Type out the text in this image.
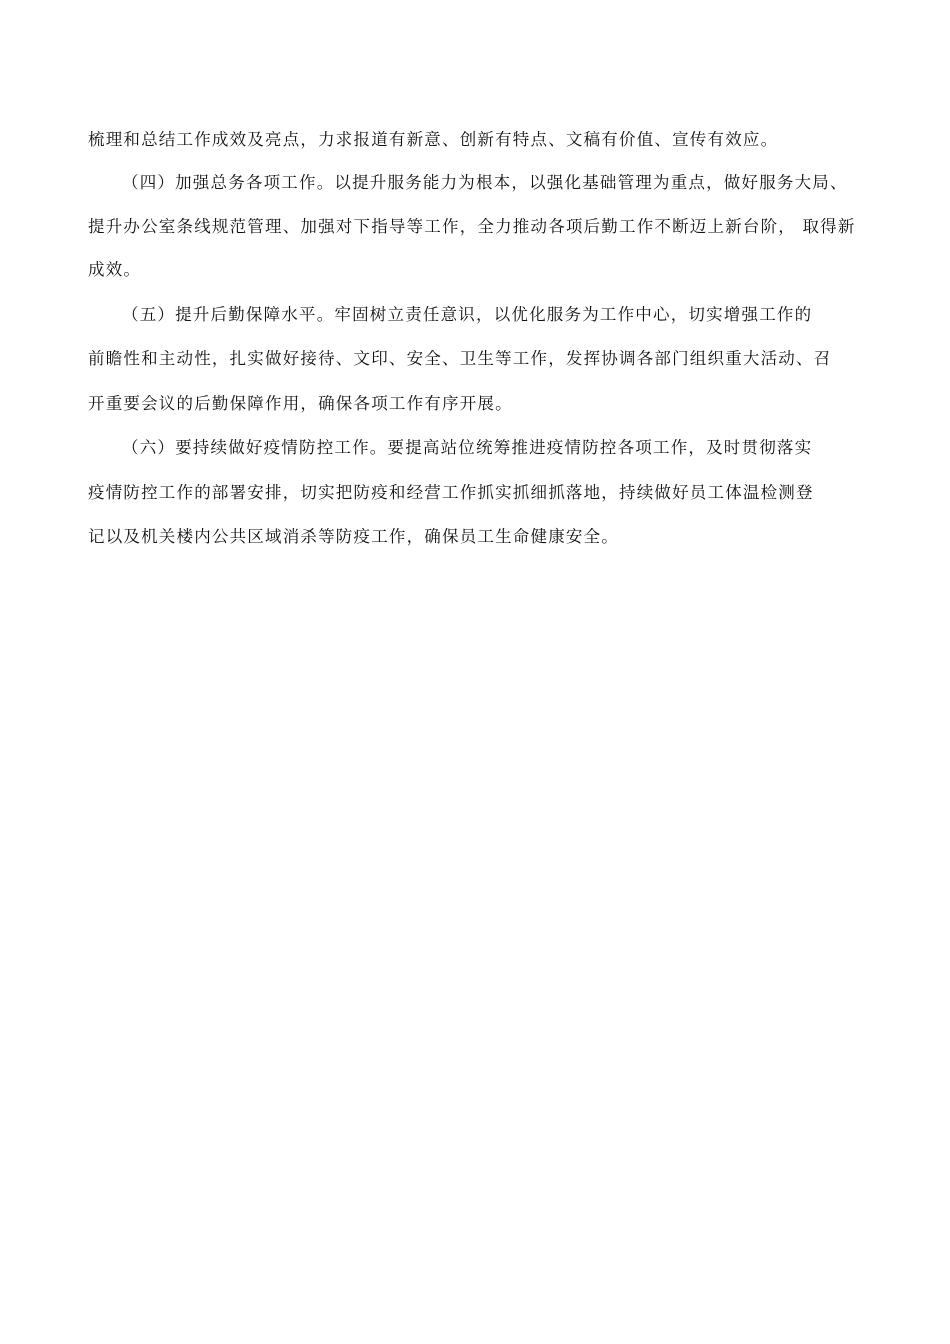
梳理和总结工作成效及亮点，力求报道有新意、创新有特点、文稿有价值、宣传有效应。
（四）加强总务各项工作。以提升服务能力为根本，以强化基础管理为重点，做好服务大局、
提升办公室条线规范管理、加强对下指导等工作，全力推动各项后勤工作不断迈上新台阶， 取得新
成效。
（五）提升后勤保障水平。牢固树立责任意识，以优化服务为工作中心，切实增强工作的
前瞻性和主动性，扎实做好接待、文印、安全、卫生等工作，发挥协调各部门组织重大活动、召
开重要会议的后勤保障作用，确保各项工作有序开展。
（六）要持续做好疫情防控工作。要提高站位统筹推进疫情防控各项工作，及时贯彻落实
疫情防控工作的部署安排，切实把防疫和经营工作抓实抓细抓落地，持续做好员工体温检测登
记以及机关楼内公共区域消杀等防疫工作，确保员工生命健康安全。
